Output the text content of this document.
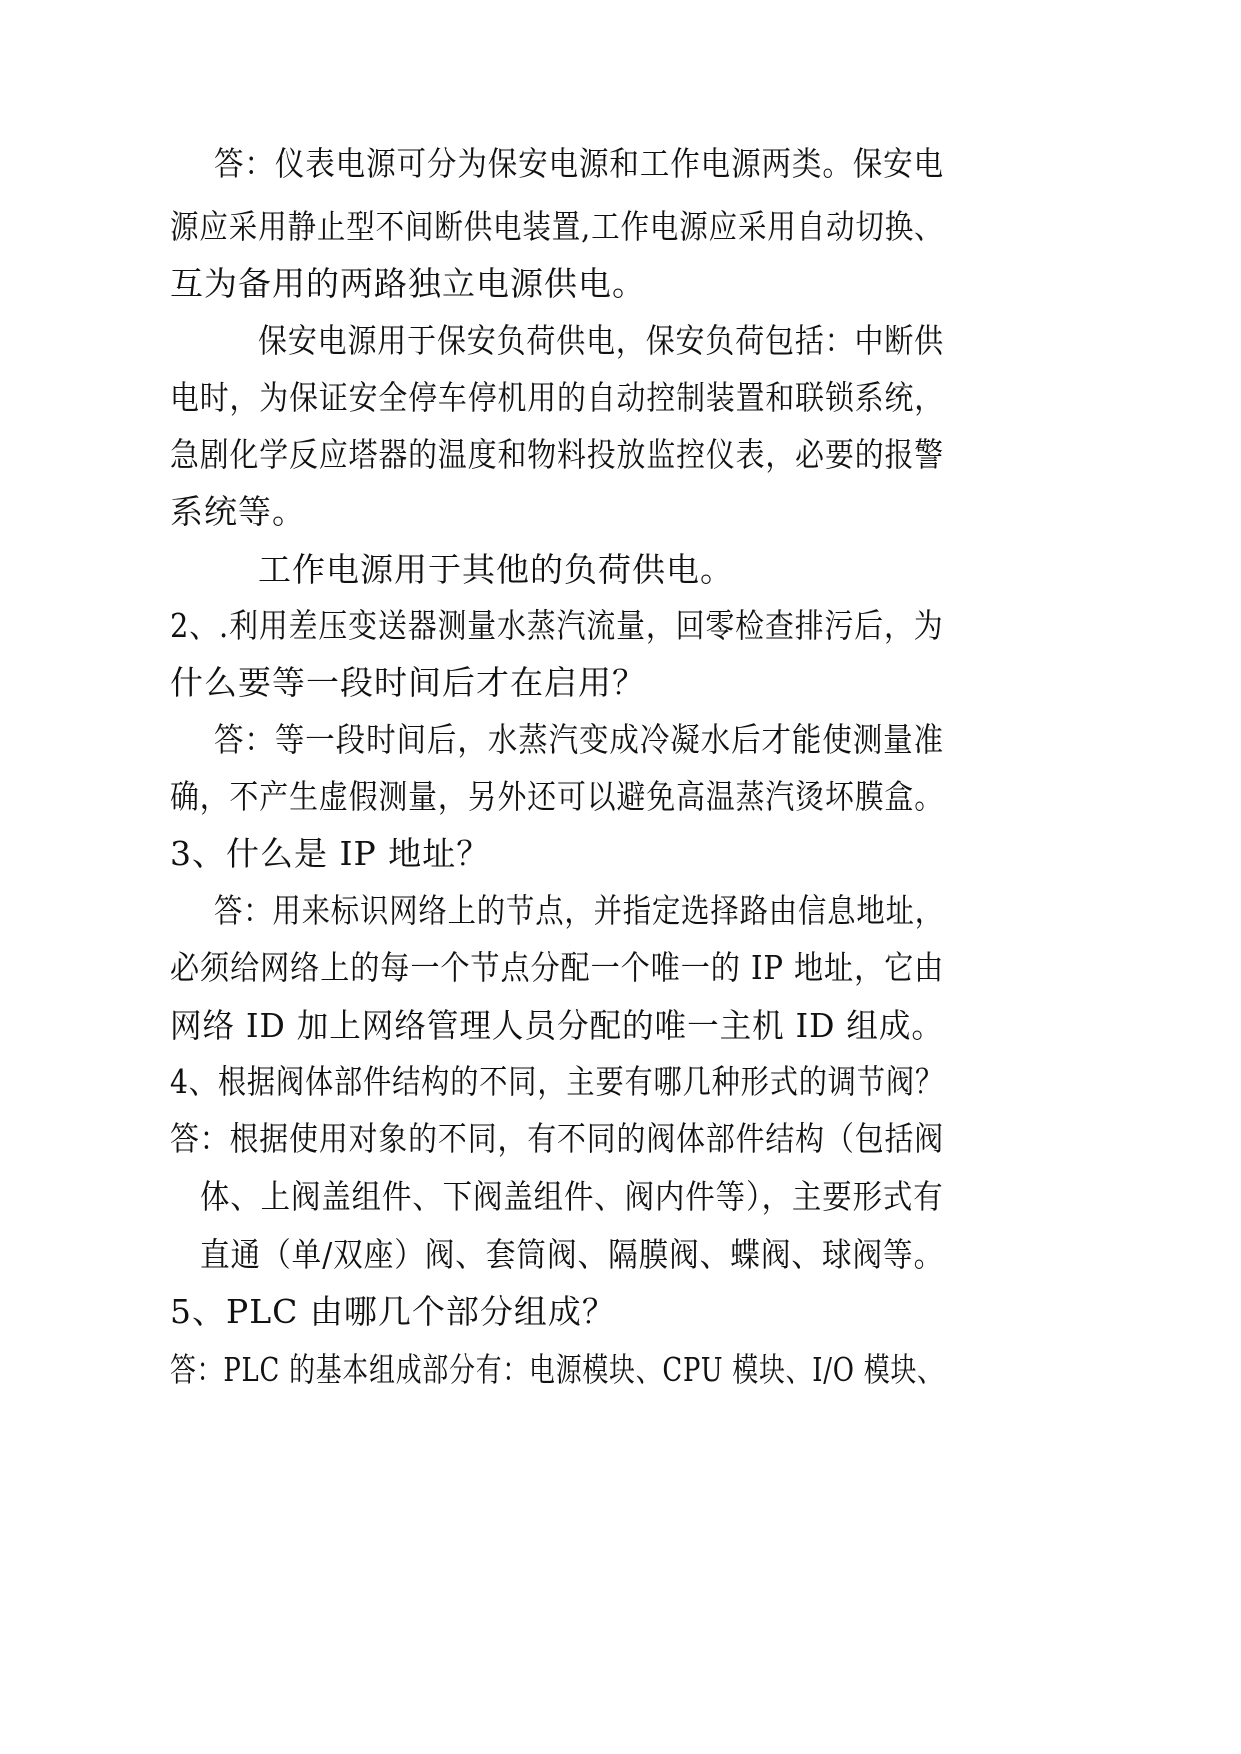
答：仪表电源可分为保安电源和工作电源两类。保安电
源应采用静止型不间断供电装置,工作电源应采用自动切换、
互为备用的两路独立电源供电。
保安电源用于保安负荷供电，保安负荷包括：中断供
电时，为保证安全停车停机用的自动控制装置和联锁系统，
急剧化学反应塔器的温度和物料投放监控仪表，必要的报警
系统等。
工作电源用于其他的负荷供电。
2、.利用差压变送器测量水蒸汽流量，回零检查排污后，为
什么要等一段时间后才在启用？
答：等一段时间后，水蒸汽变成冷凝水后才能使测量准
确，不产生虚假测量，另外还可以避免高温蒸汽烫坏膜盒。
3、什么是 IP 地址？
答：用来标识网络上的节点，并指定选择路由信息地址，
必须给网络上的每一个节点分配一个唯一的 IP 地址，它由
网络 ID 加上网络管理人员分配的唯一主机 ID 组成。
4、根据阀体部件结构的不同，主要有哪几种形式的调节阀？
答：根据使用对象的不同，有不同的阀体部件结构（包括阀
体、上阀盖组件、下阀盖组件、阀内件等），主要形式有
直通（单/双座）阀、套筒阀、隔膜阀、蝶阀、球阀等。
5、PLC 由哪几个部分组成？
答：PLC 的基本组成部分有：电源模块、CPU 模块、I/O 模块、
